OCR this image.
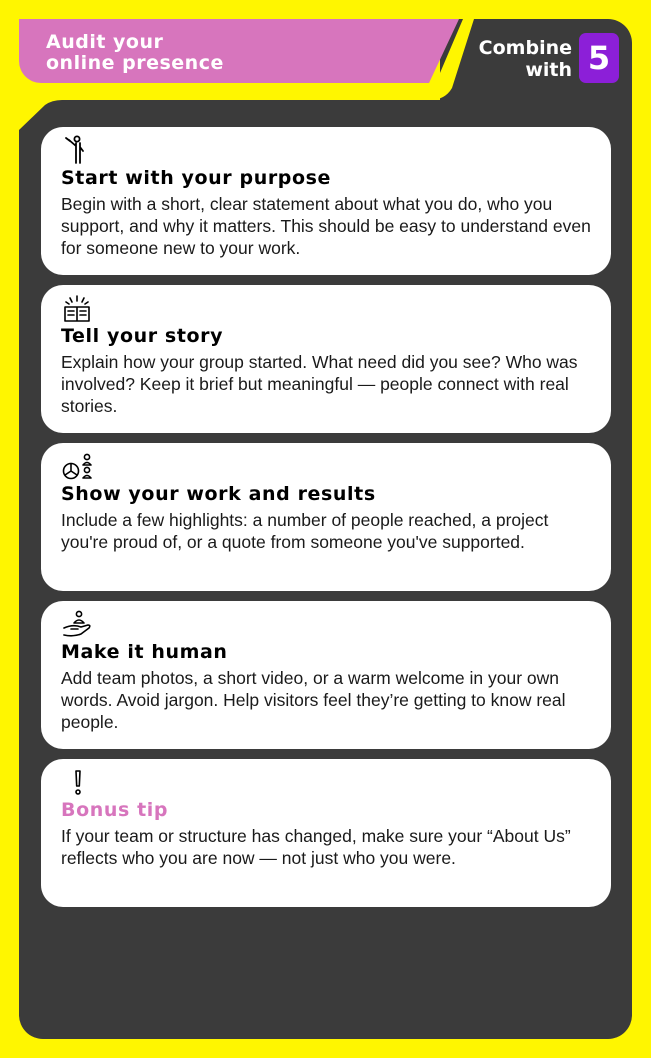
Audit your
online presence
Combine
with 5
Start with your purpose
Begin with a short, clear statement about what you do, who you support, and why it matters. This should be easy to understand even for someone new to your work.
Tell your story
Explain how your group started. What need did you see? Who was involved? Keep it brief but meaningful — people connect with real stories.
Show your work and results
Include a few highlights: a number of people reached, a project you're proud of, or a quote from someone you've supported.
Make it human
Add team photos, a short video, or a warm welcome in your own words. Avoid jargon. Help visitors feel they’re getting to know real people.
Bonus tip
If your team or structure has changed, make sure your “About Us” reflects who you are now — not just who you were.
